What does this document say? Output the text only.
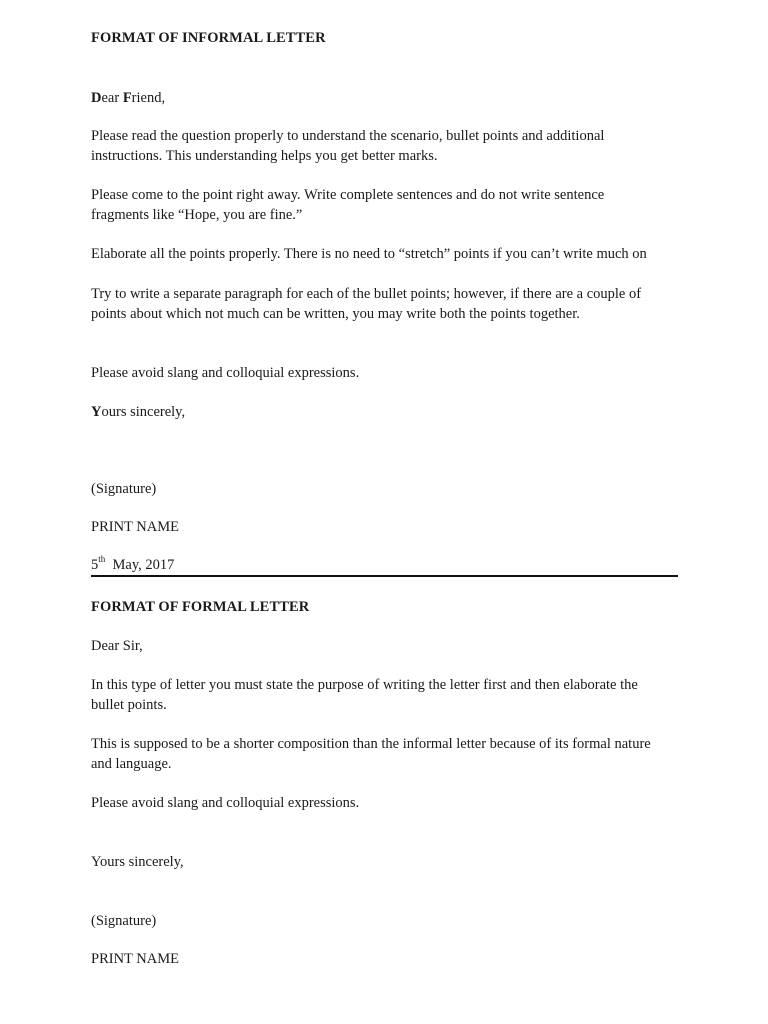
FORMAT OF INFORMAL LETTER

Dear Friend,

Please read the question properly to understand the scenario, bullet points and additional

instructions. This understanding helps you get better marks.

Please come to the point right away. Write complete sentences and do not write sentence

fragments like “Hope, you are fine.”

Elaborate all the points properly. There is no need to “stretch” points if you can’t write much on

Try to write a separate paragraph for each of the bullet points; however, if there are a couple of

points about which not much can be written, you may write both the points together.

Please avoid slang and colloquial expressions.

Yours sincerely,

(Signature)

PRINT NAME

5th  May, 2017

FORMAT OF FORMAL LETTER

Dear Sir,

In this type of letter you must state the purpose of writing the letter first and then elaborate the

bullet points.

This is supposed to be a shorter composition than the informal letter because of its formal nature

and language.

Please avoid slang and colloquial expressions.

Yours sincerely,

(Signature)

PRINT NAME
